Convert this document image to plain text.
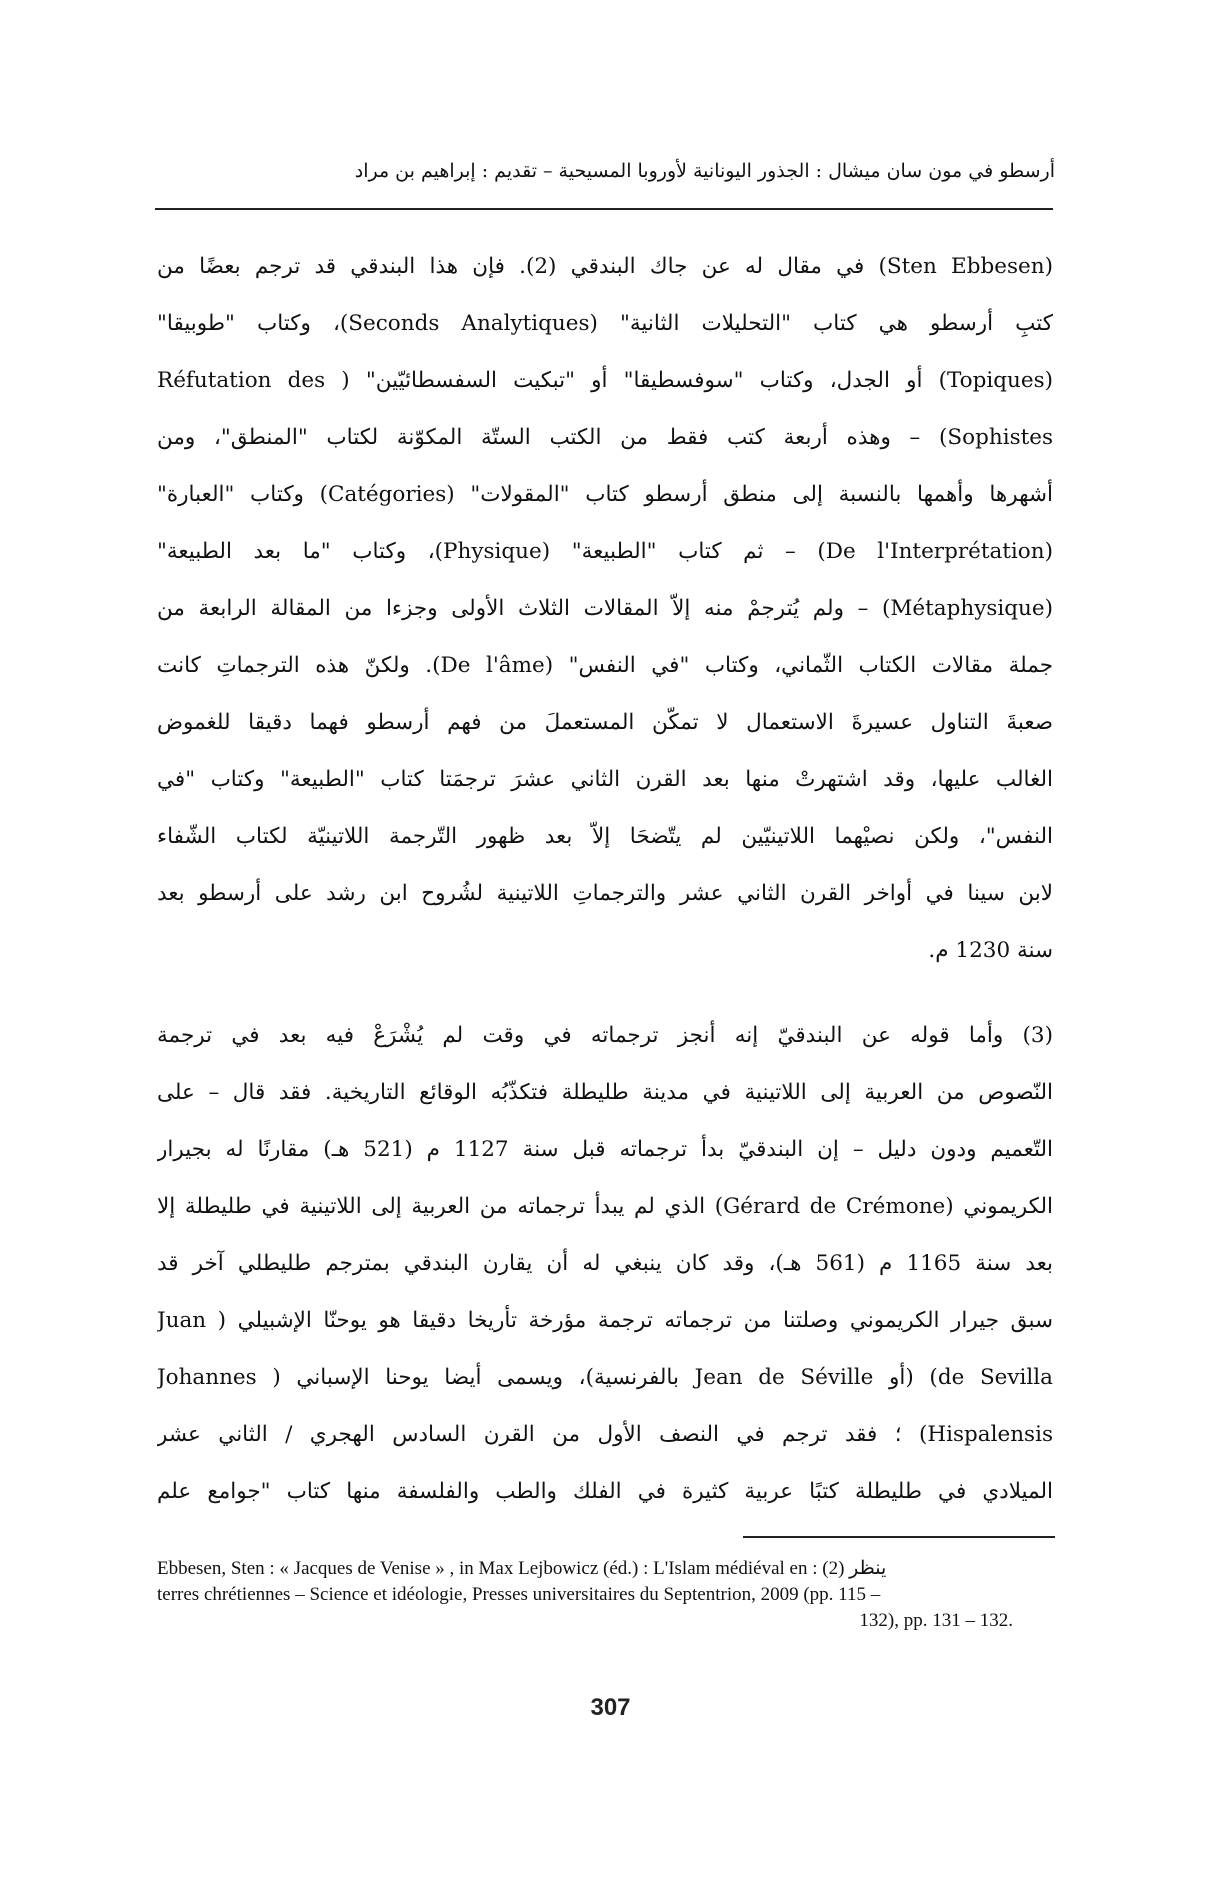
أرسطو في مون سان ميشال : الجذور اليونانية لأوروبا المسيحية – تقديم : إبراهيم بن مراد
(Sten Ebbesen) في مقال له عن جاك البندقي (2). فإن هذا البندقي قد ترجم بعضًا من
كتبِ أرسطو هي كتاب "التحليلات الثانية" (Seconds Analytiques)، وكتاب "طوبيقا"
(Topiques) أو الجدل، وكتاب "سوفسطيقا" أو "تبكيت السفسطائيّين" ( Réfutation des
Sophistes) – وهذه أربعة كتب فقط من الكتب الستّة المكوّنة لكتاب "المنطق"، ومن
أشهرها وأهمها بالنسبة إلى منطق أرسطو كتاب "المقولات" (Catégories) وكتاب "العبارة"
(De l'Interprétation) – ثم كتاب "الطبيعة" (Physique)، وكتاب "ما بعد الطبيعة"
(Métaphysique) – ولم يُترجمْ منه إلاّ المقالات الثلاث الأولى وجزءا من المقالة الرابعة من
جملة مقالات الكتاب الثّماني، وكتاب "في النفس" (De l'âme). ولكنّ هذه الترجماتِ كانت
صعبةَ التناول عسيرةَ الاستعمال لا تمكّن المستعملَ من فهم أرسطو فهما دقيقا للغموض
الغالب عليها، وقد اشتهرتْ منها بعد القرن الثاني عشرَ ترجمَتا كتاب "الطبيعة" وكتاب "في
النفس"، ولكن نصيْهما اللاتينيّين لم يتّضحَا إلاّ بعد ظهور التّرجمة اللاتينيّة لكتاب الشّفاء
لابن سينا في أواخر القرن الثاني عشر والترجماتِ اللاتينية لشُروح ابن رشد على أرسطو بعد
سنة 1230 م.
(3) وأما قوله عن البندقيّ إنه أنجز ترجماته في وقت لم يُشْرَعْ فيه بعد في ترجمة
النّصوص من العربية إلى اللاتينية في مدينة طليطلة فتكذّبُه الوقائع التاريخية. فقد قال – على
التّعميم ودون دليل – إن البندقيّ بدأ ترجماته قبل سنة 1127 م (521 هـ) مقارنًا له بجيرار
الكريموني (Gérard de Crémone) الذي لم يبدأ ترجماته من العربية إلى اللاتينية في طليطلة إلا
بعد سنة 1165 م (561 هـ)، وقد كان ينبغي له أن يقارن البندقي بمترجم طليطلي آخر قد
سبق جيرار الكريموني وصلتنا من ترجماته ترجمة مؤرخة تأريخا دقيقا هو يوحنّا الإشبيلي ( Juan
de Sevilla) (أو Jean de Séville بالفرنسية)، ويسمى أيضا يوحنا الإسباني ( Johannes
Hispalensis) ؛ فقد ترجم في النصف الأول من القرن السادس الهجري / الثاني عشر
الميلادي في طليطلة كتبًا عربية كثيرة في الفلك والطب والفلسفة منها كتاب "جوامع علم
Ebbesen, Sten : « Jacques de Venise » , in Max Lejbowicz (éd.) : L'Islam médiéval en : (2) ينظر
terres chrétiennes – Science et idéologie, Presses universitaires du Septentrion, 2009 (pp. 115 –
132), pp. 131 – 132.
307
